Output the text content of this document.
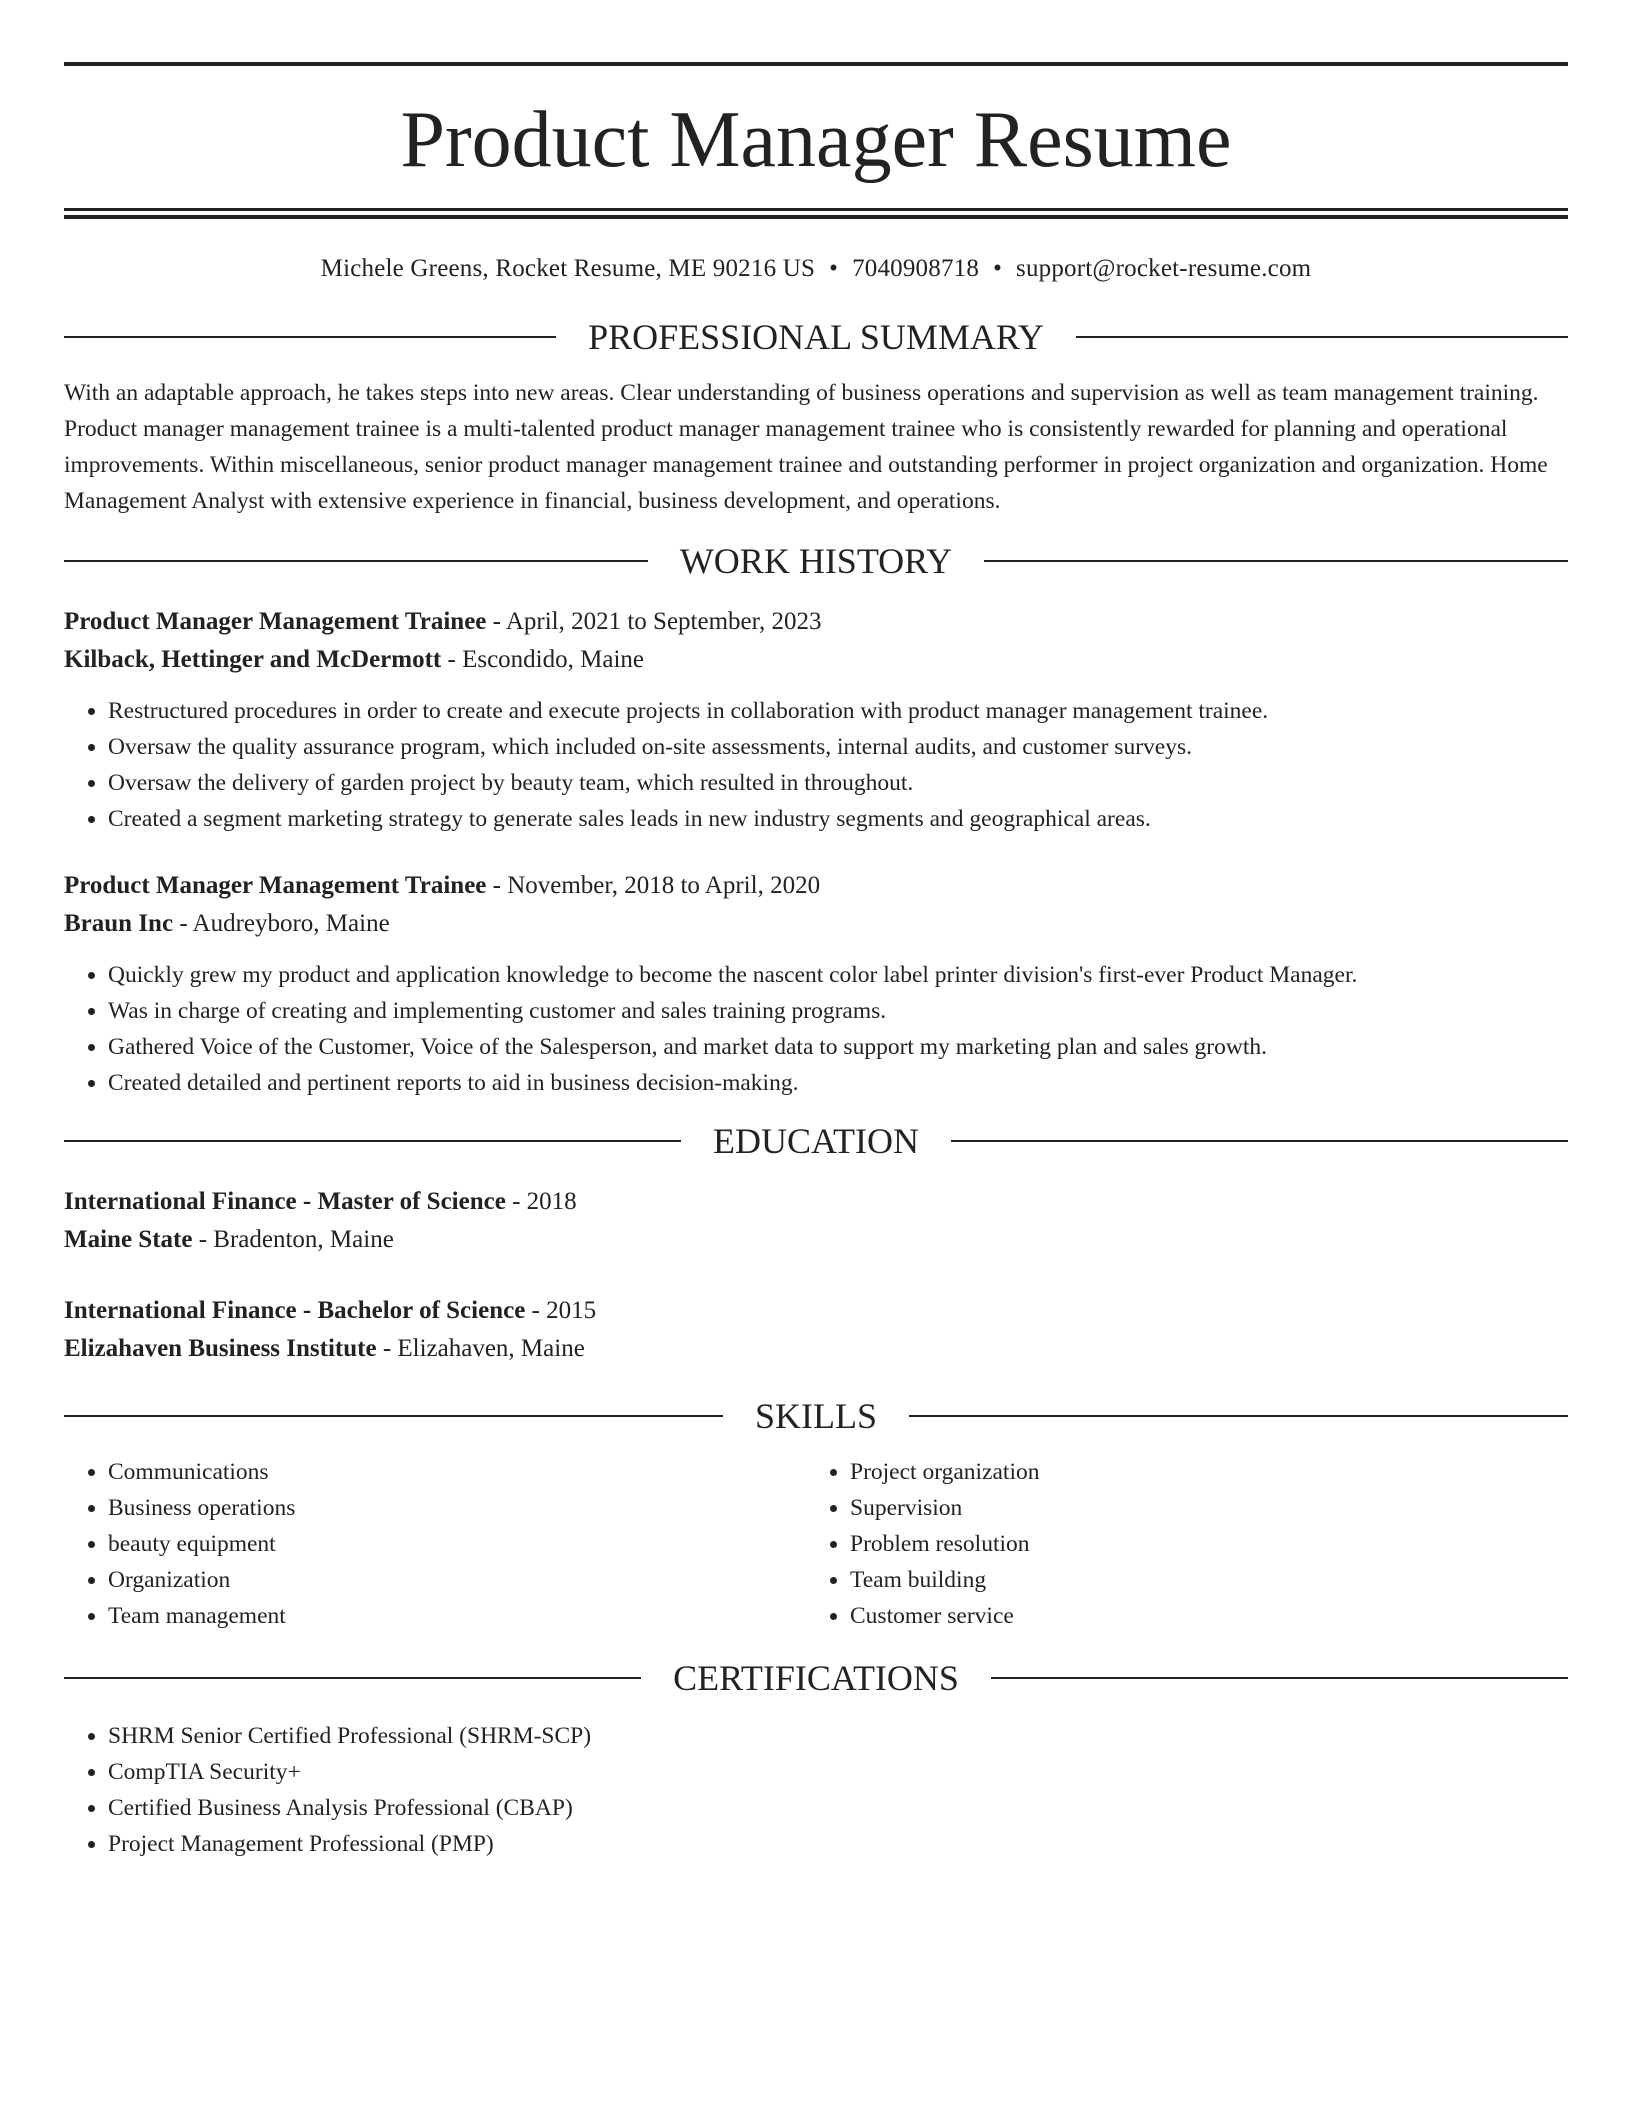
Product Manager Resume
Michele Greens, Rocket Resume, ME 90216 US • 7040908718 • support@rocket-resume.com
PROFESSIONAL SUMMARY

With an adaptable approach, he takes steps into new areas. Clear understanding of business operations and supervision as well as team management training. Product manager management trainee is a multi-talented product manager management trainee who is consistently rewarded for planning and operational improvements. Within miscellaneous, senior product manager management trainee and outstanding performer in project organization and organization. Home Management Analyst with extensive experience in financial, business development, and operations.

WORK HISTORY
Product Manager Management Trainee - April, 2021 to September, 2023
Kilback, Hettinger and McDermott - Escondido, Maine
• Restructured procedures in order to create and execute projects in collaboration with product manager management trainee.
• Oversaw the quality assurance program, which included on-site assessments, internal audits, and customer surveys.
• Oversaw the delivery of garden project by beauty team, which resulted in throughout.
• Created a segment marketing strategy to generate sales leads in new industry segments and geographical areas.
Product Manager Management Trainee - November, 2018 to April, 2020
Braun Inc - Audreyboro, Maine
• Quickly grew my product and application knowledge to become the nascent color label printer division's first-ever Product Manager.
• Was in charge of creating and implementing customer and sales training programs.
• Gathered Voice of the Customer, Voice of the Salesperson, and market data to support my marketing plan and sales growth.
• Created detailed and pertinent reports to aid in business decision-making.
EDUCATION
International Finance - Master of Science - 2018
Maine State - Bradenton, Maine
International Finance - Bachelor of Science - 2015
Elizahaven Business Institute - Elizahaven, Maine
SKILLS
• Communications
• Business operations
• beauty equipment
• Organization
• Team management
• Project organization
• Supervision
• Problem resolution
• Team building
• Customer service
CERTIFICATIONS
• SHRM Senior Certified Professional (SHRM-SCP)
• CompTIA Security+
• Certified Business Analysis Professional (CBAP)
• Project Management Professional (PMP)
